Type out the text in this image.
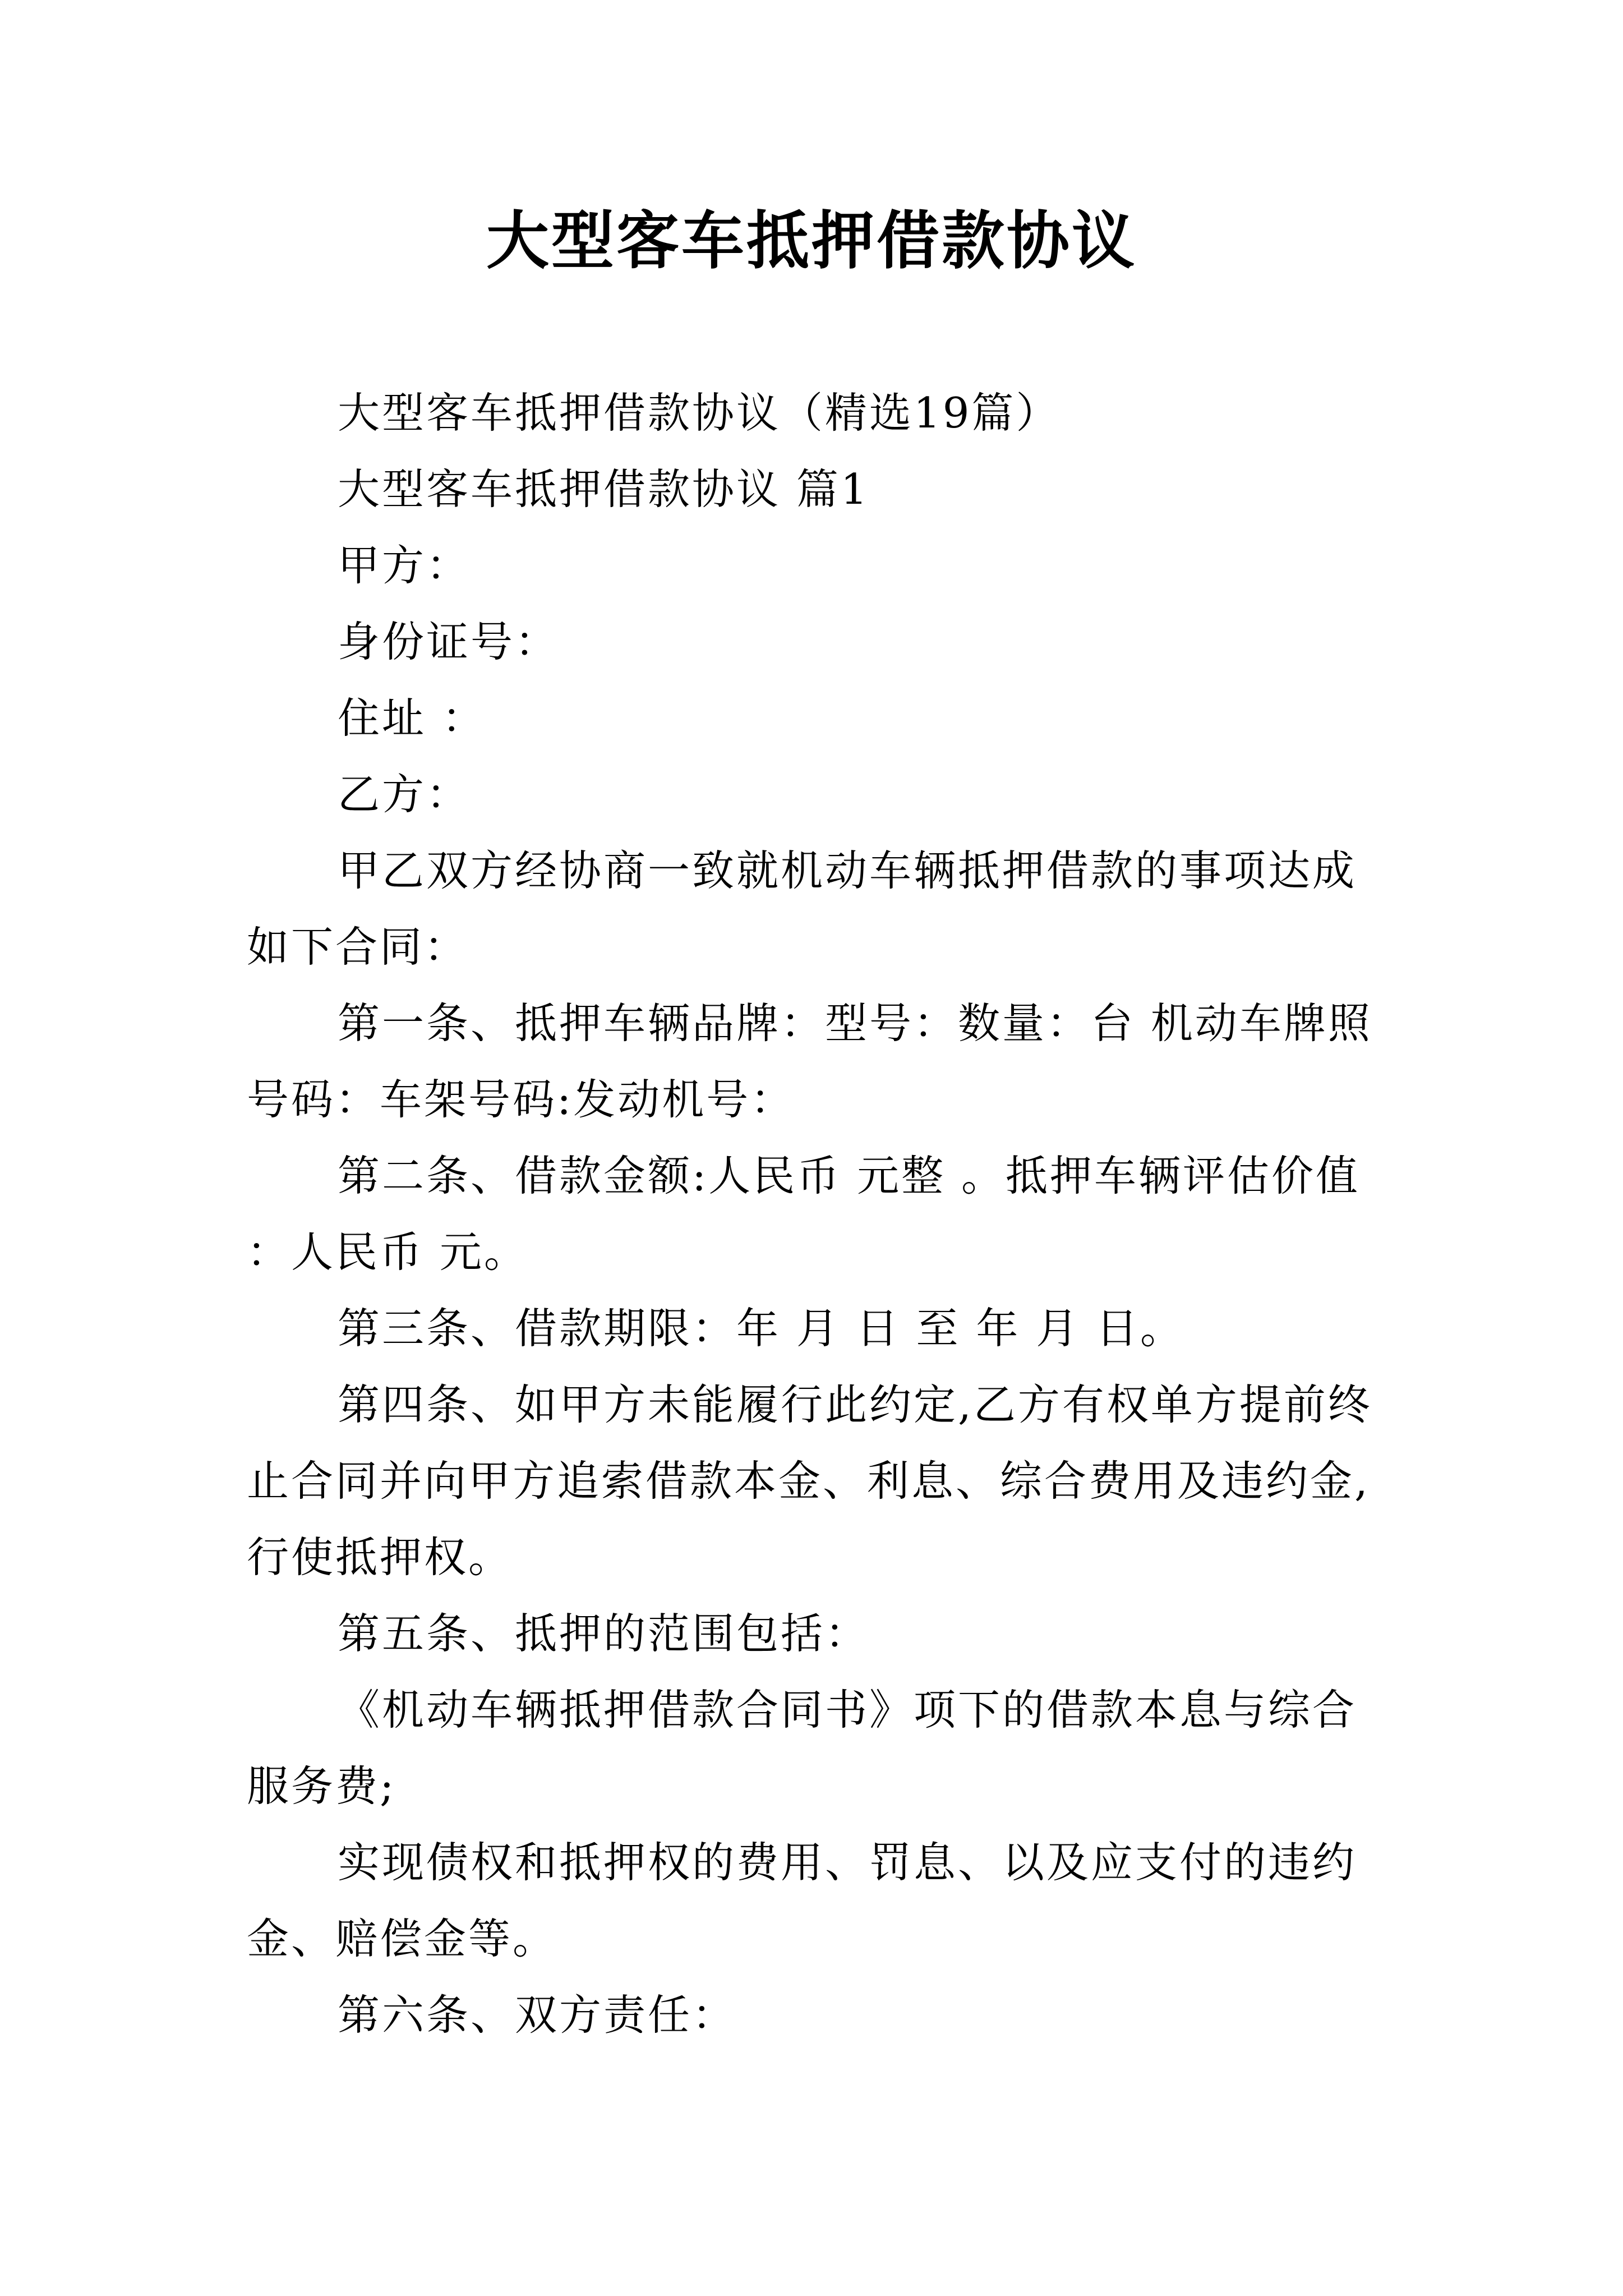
大型客车抵押借款协议

大型客车抵押借款协议（精选19篇）

大型客车抵押借款协议 篇1

甲方：

身份证号：

住址 ：

乙方：

甲乙双方经协商一致就机动车辆抵押借款的事项达成如下合同：

第一条、抵押车辆品牌：型号：数量：台 机动车牌照号码：车架号码:发动机号：

第二条、借款金额:人民币 元整 。抵押车辆评估价值：人民币 元。

第三条、借款期限：年 月 日 至 年 月 日。

第四条、如甲方未能履行此约定,乙方有权单方提前终止合同并向甲方追索借款本金、利息、综合费用及违约金,行使抵押权。

第五条、抵押的范围包括：

《机动车辆抵押借款合同书》项下的借款本息与综合服务费;

实现债权和抵押权的费用、罚息、以及应支付的违约金、赔偿金等。

第六条、双方责任：
